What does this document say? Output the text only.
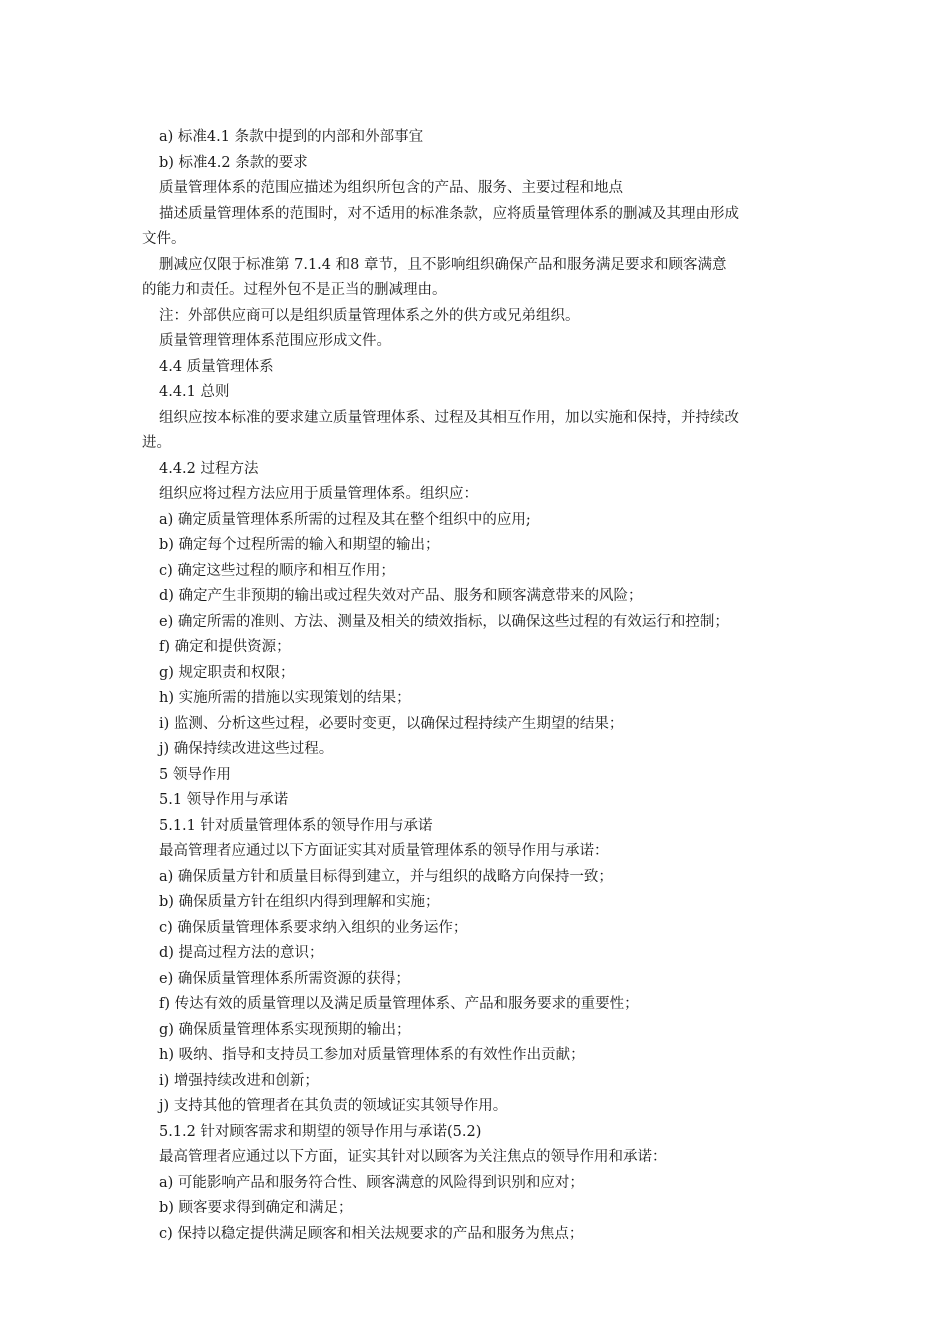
a) 标准4.1 条款中提到的内部和外部事宜
b) 标准4.2 条款的要求
质量管理体系的范围应描述为组织所包含的产品、服务、主要过程和地点
描述质量管理体系的范围时，对不适用的标准条款，应将质量管理体系的删减及其理由形成
文件。
删减应仅限于标准第 7.1.4 和8 章节，且不影响组织确保产品和服务满足要求和顾客满意
的能力和责任。过程外包不是正当的删减理由。
注：外部供应商可以是组织质量管理体系之外的供方或兄弟组织。
质量管理管理体系范围应形成文件。
4.4 质量管理体系
4.4.1 总则
组织应按本标准的要求建立质量管理体系、过程及其相互作用，加以实施和保持，并持续改
进。
4.4.2 过程方法
组织应将过程方法应用于质量管理体系。组织应：
a) 确定质量管理体系所需的过程及其在整个组织中的应用;
b) 确定每个过程所需的输入和期望的输出；
c) 确定这些过程的顺序和相互作用；
d) 确定产生非预期的输出或过程失效对产品、服务和顾客满意带来的风险；
e) 确定所需的准则、方法、测量及相关的绩效指标，以确保这些过程的有效运行和控制；
f) 确定和提供资源；
g) 规定职责和权限；
h) 实施所需的措施以实现策划的结果；
i) 监测、分析这些过程，必要时变更，以确保过程持续产生期望的结果；
j) 确保持续改进这些过程。
5 领导作用
5.1 领导作用与承诺
5.1.1 针对质量管理体系的领导作用与承诺
最高管理者应通过以下方面证实其对质量管理体系的领导作用与承诺：
a) 确保质量方针和质量目标得到建立，并与组织的战略方向保持一致；
b) 确保质量方针在组织内得到理解和实施；
c) 确保质量管理体系要求纳入组织的业务运作；
d) 提高过程方法的意识；
e) 确保质量管理体系所需资源的获得；
f) 传达有效的质量管理以及满足质量管理体系、产品和服务要求的重要性；
g) 确保质量管理体系实现预期的输出；
h) 吸纳、指导和支持员工参加对质量管理体系的有效性作出贡献；
i) 增强持续改进和创新；
j) 支持其他的管理者在其负责的领域证实其领导作用。
5.1.2 针对顾客需求和期望的领导作用与承诺(5.2)
最高管理者应通过以下方面，证实其针对以顾客为关注焦点的领导作用和承诺：
a) 可能影响产品和服务符合性、顾客满意的风险得到识别和应对；
b) 顾客要求得到确定和满足；
c) 保持以稳定提供满足顾客和相关法规要求的产品和服务为焦点；
